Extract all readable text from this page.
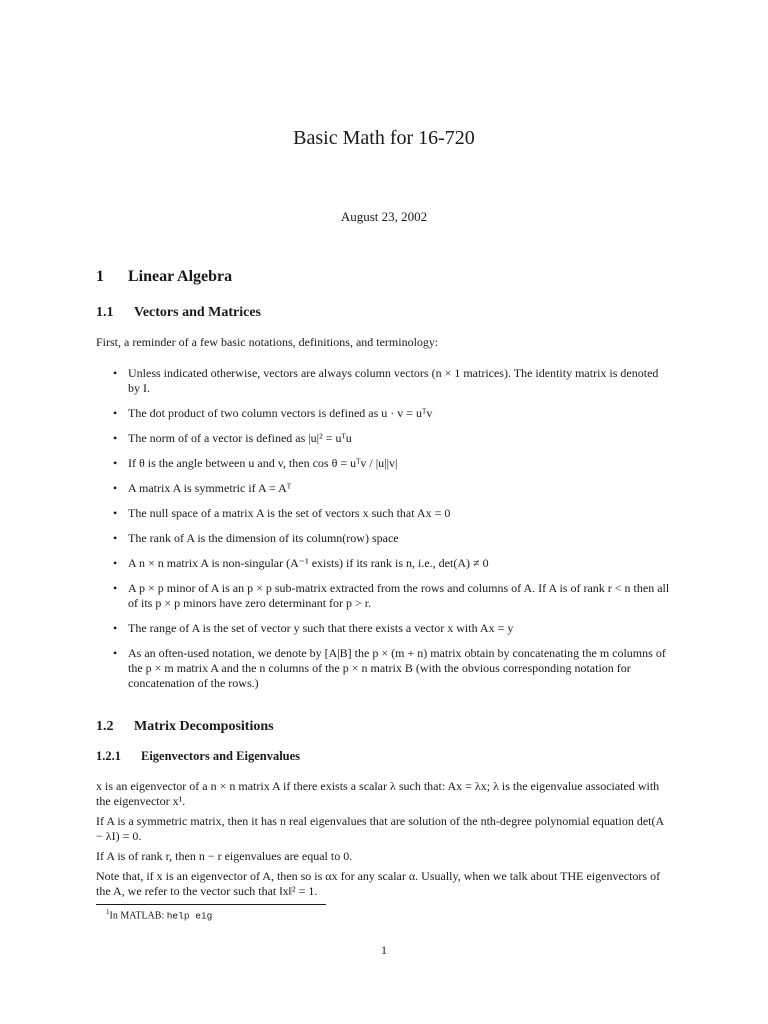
Basic Math for 16-720
August 23, 2002
1 Linear Algebra
1.1 Vectors and Matrices
First, a reminder of a few basic notations, definitions, and terminology:
• Unless indicated otherwise, vectors are always column vectors (n × 1 matrices). The identity matrix is denoted by I.
• The dot product of two column vectors is defined as u · v = uᵀv
• The norm of of a vector is defined as |u|² = uᵀu
• If θ is the angle between u and v, then cos θ = uᵀv / |u||v|
• A matrix A is symmetric if A = Aᵀ
• The null space of a matrix A is the set of vectors x such that Ax = 0
• The rank of A is the dimension of its column(row) space
• A n × n matrix A is non-singular (A⁻¹ exists) if its rank is n, i.e., det(A) ≠ 0
• A p × p minor of A is an p × p sub-matrix extracted from the rows and columns of A. If A is of rank r < n then all of its p × p minors have zero determinant for p > r.
• The range of A is the set of vector y such that there exists a vector x with Ax = y
• As an often-used notation, we denote by [A|B] the p × (m + n) matrix obtain by concatenating the m columns of the p × m matrix A and the n columns of the p × n matrix B (with the obvious corresponding notation for concatenation of the rows.)
1.2 Matrix Decompositions
1.2.1 Eigenvectors and Eigenvalues
x is an eigenvector of a n × n matrix A if there exists a scalar λ such that: Ax = λx; λ is the eigenvalue associated with the eigenvector x¹.
If A is a symmetric matrix, then it has n real eigenvalues that are solution of the nth-degree polynomial equation det(A − λI) = 0.
If A is of rank r, then n − r eigenvalues are equal to 0.
Note that, if x is an eigenvector of A, then so is αx for any scalar α. Usually, when we talk about THE eigenvectors of the A, we refer to the vector such that ‖x‖² = 1.
$^1$In MATLAB: help eig
1
